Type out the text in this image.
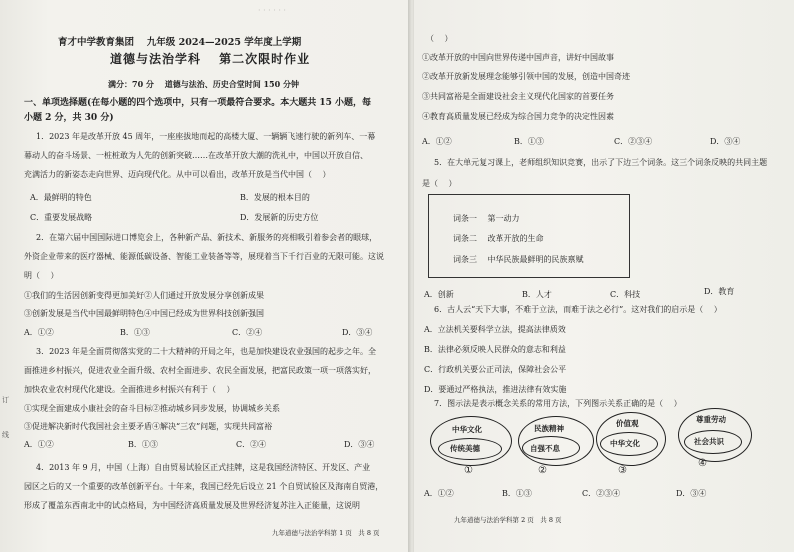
· · · · · ·
育才中学教育集团　 九年级 2024—2025 学年度上学期
道德与法治学科　 第二次限时作业
满分：70 分　 道德与法治、历史合堂时间 150 分钟
一、单项选择题(在每小题的四个选项中，只有一项最符合要求。本大题共 15 小题，每
小题 2 分，共 30 分)
1．2023 年是改革开放 45 周年，一座座拔地而起的高楼大厦、一辆辆飞速行驶的新列车、一幕
幕动人的奋斗场景、一桩桩敢为人先的创新突破……在改革开放大潮的洗礼中，中国以开放自信、
充满活力的新姿态走向世界、迈向现代化。从中可以看出，改革开放是当代中国（　 ）
A．最鲜明的特色	B．发展的根本目的
C．重要发展战略	D．发展新的历史方位
2．在第六届中国国际进口博览会上，各种新产品、新技术、新服务的亮相吸引着参会者的眼球，
外资企业带来的医疗器械、能源低碳设备、智能工业装备等等，展现着当下千行百业的无限可能。这说
明（　 ）
①我们的生活因创新变得更加美好②人们通过开放发展分享创新成果
③创新发展是当代中国最鲜明特色④中国已经成为世界科技创新强国
A．①②	B．①③	C．②④	D．③④
3．2023 年是全面贯彻落实党的二十大精神的开局之年，也是加快建设农业强国的起步之年。全
面推进乡村振兴，促进农业全面升级、农村全面进步、农民全面发展，把富民政策一项一项落实好，
加快农业农村现代化建设。全面推进乡村振兴有利于（　 ）
①实现全面建成小康社会的奋斗目标②推动城乡同步发展，协调城乡关系
③促进解决新时代我国社会主要矛盾④解决“三农”问题，实现共同富裕
A．①②	B．①③	C．②④	D．③④
4．2013 年 9 月，中国（上海）自由贸易试验区正式挂牌，这是我国经济特区、开发区、产业
园区之后的又一个重要的改革创新平台。十年来，我国已经先后设立 21 个自贸试验区及海南自贸港，
形成了覆盖东西南北中的试点格局，为中国经济高质量发展及世界经济复苏注入正能量，这说明
九年道德与法治学科第 1 页　共 8 页
订
线
（　 ）
①改革开放的中国向世界传递中国声音，讲好中国故事
②改革开放新发展理念能够引领中国的发展，创造中国奇迹
③共同富裕是全面建设社会主义现代化国家的首要任务
④教育高质量发展已经成为综合国力竞争的决定性因素
A．①②	B．①③	C．②③④	D．③④
5．在大单元复习课上，老师组织知识竞赛，出示了下边三个词条。这三个词条反映的共同主题
是（　 ）
词条一　 第一动力
词条二　 改革开放的生命
词条三　 中华民族最鲜明的民族禀赋
A．创新	B．人才	C．科技	D．教育
6．古人云“天下大事，不难于立法，而难于法之必行”。这对我们的启示是（　 ）
A．立法机关要科学立法，提高法律质效
B．法律必须反映人民群众的意志和利益
C．行政机关要公正司法，保障社会公平
D．要通过严格执法，推进法律有效实施
7．图示法是表示概念关系的常用方法，下列图示关系正确的是（　 ）
中华文化
传统美德
①
民族精神
自强不息
②
价值观
中华文化
③
尊重劳动
社会共识
④
A．①②	B．①③	C．②③④	D．③④
九年道德与法治学科第 2 页　共 8 页
